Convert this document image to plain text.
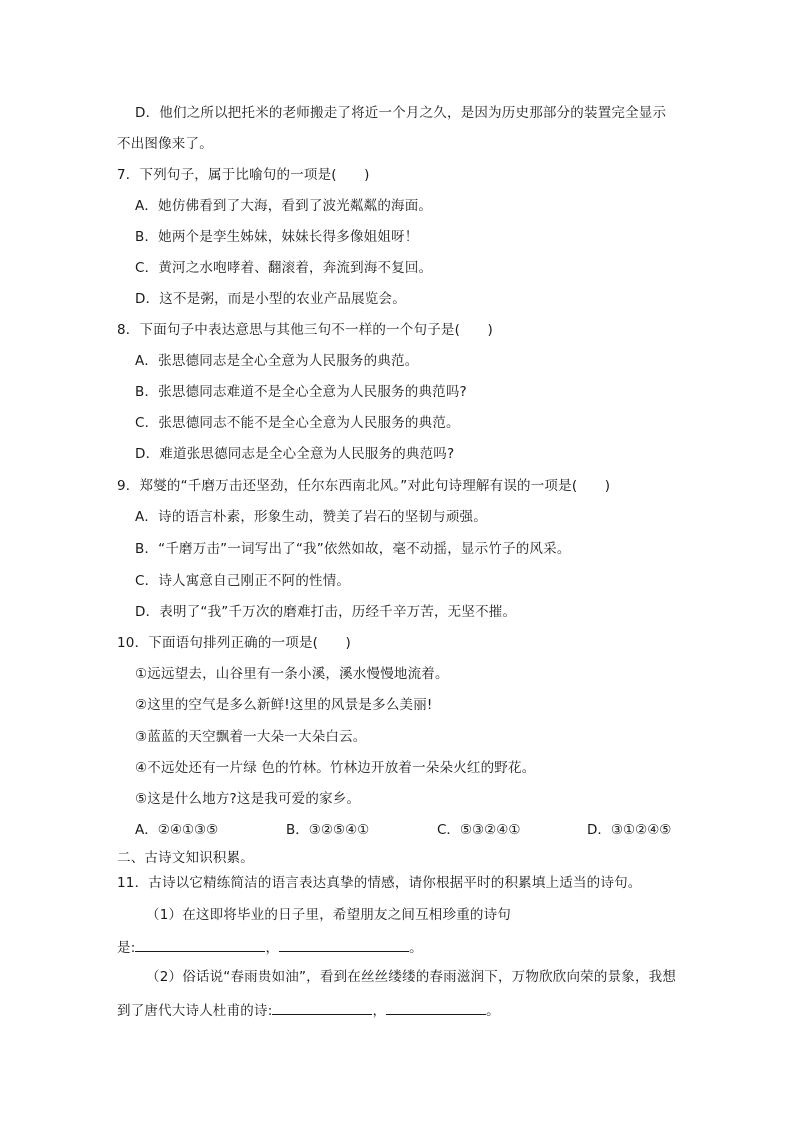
D．他们之所以把托米的老师搬走了将近一个月之久，是因为历史那部分的装置完全显示
不出图像来了。
7．下列句子，属于比喻句的一项是(　　)
A．她仿佛看到了大海，看到了波光粼粼的海面。
B．她两个是孪生姊妹，妹妹长得多像姐姐呀！
C．黄河之水咆哮着、翻滚着，奔流到海不复回。
D．这不是粥，而是小型的农业产品展览会。
8．下面句子中表达意思与其他三句不一样的一个句子是(　　)
A．张思德同志是全心全意为人民服务的典范。
B．张思德同志难道不是全心全意为人民服务的典范吗?
C．张思德同志不能不是全心全意为人民服务的典范。
D．难道张思德同志是全心全意为人民服务的典范吗?
9．郑燮的“千磨万击还坚劲，任尔东西南北风。”对此句诗理解有误的一项是(　　)
A．诗的语言朴素，形象生动，赞美了岩石的坚韧与顽强。
B．“千磨万击”一词写出了“我”依然如故，毫不动摇，显示竹子的风采。
C．诗人寓意自己刚正不阿的性情。
D．表明了“我”千万次的磨难打击，历经千辛万苦，无坚不摧。
10．下面语句排列正确的一项是(　　)
①远远望去，山谷里有一条小溪，溪水慢慢地流着。
②这里的空气是多么新鲜!这里的风景是多么美丽!
③蓝蓝的天空飘着一大朵一大朵白云。
④不远处还有一片绿 色的竹林。竹林边开放着一朵朵火红的野花。
⑤这是什么地方?这是我可爱的家乡。
A．②④①③⑤	B．③②⑤④①	C．⑤③②④①	D．③①②④⑤
二、古诗文知识积累。
11．古诗以它精练简洁的语言表达真挚的情感，请你根据平时的积累填上适当的诗句。
（1）在这即将毕业的日子里，希望朋友之间互相珍重的诗句
是:	，	。
（2）俗话说“春雨贵如油”，看到在丝丝缕缕的春雨滋润下，万物欣欣向荣的景象，我想
到了唐代大诗人杜甫的诗:	，	。
